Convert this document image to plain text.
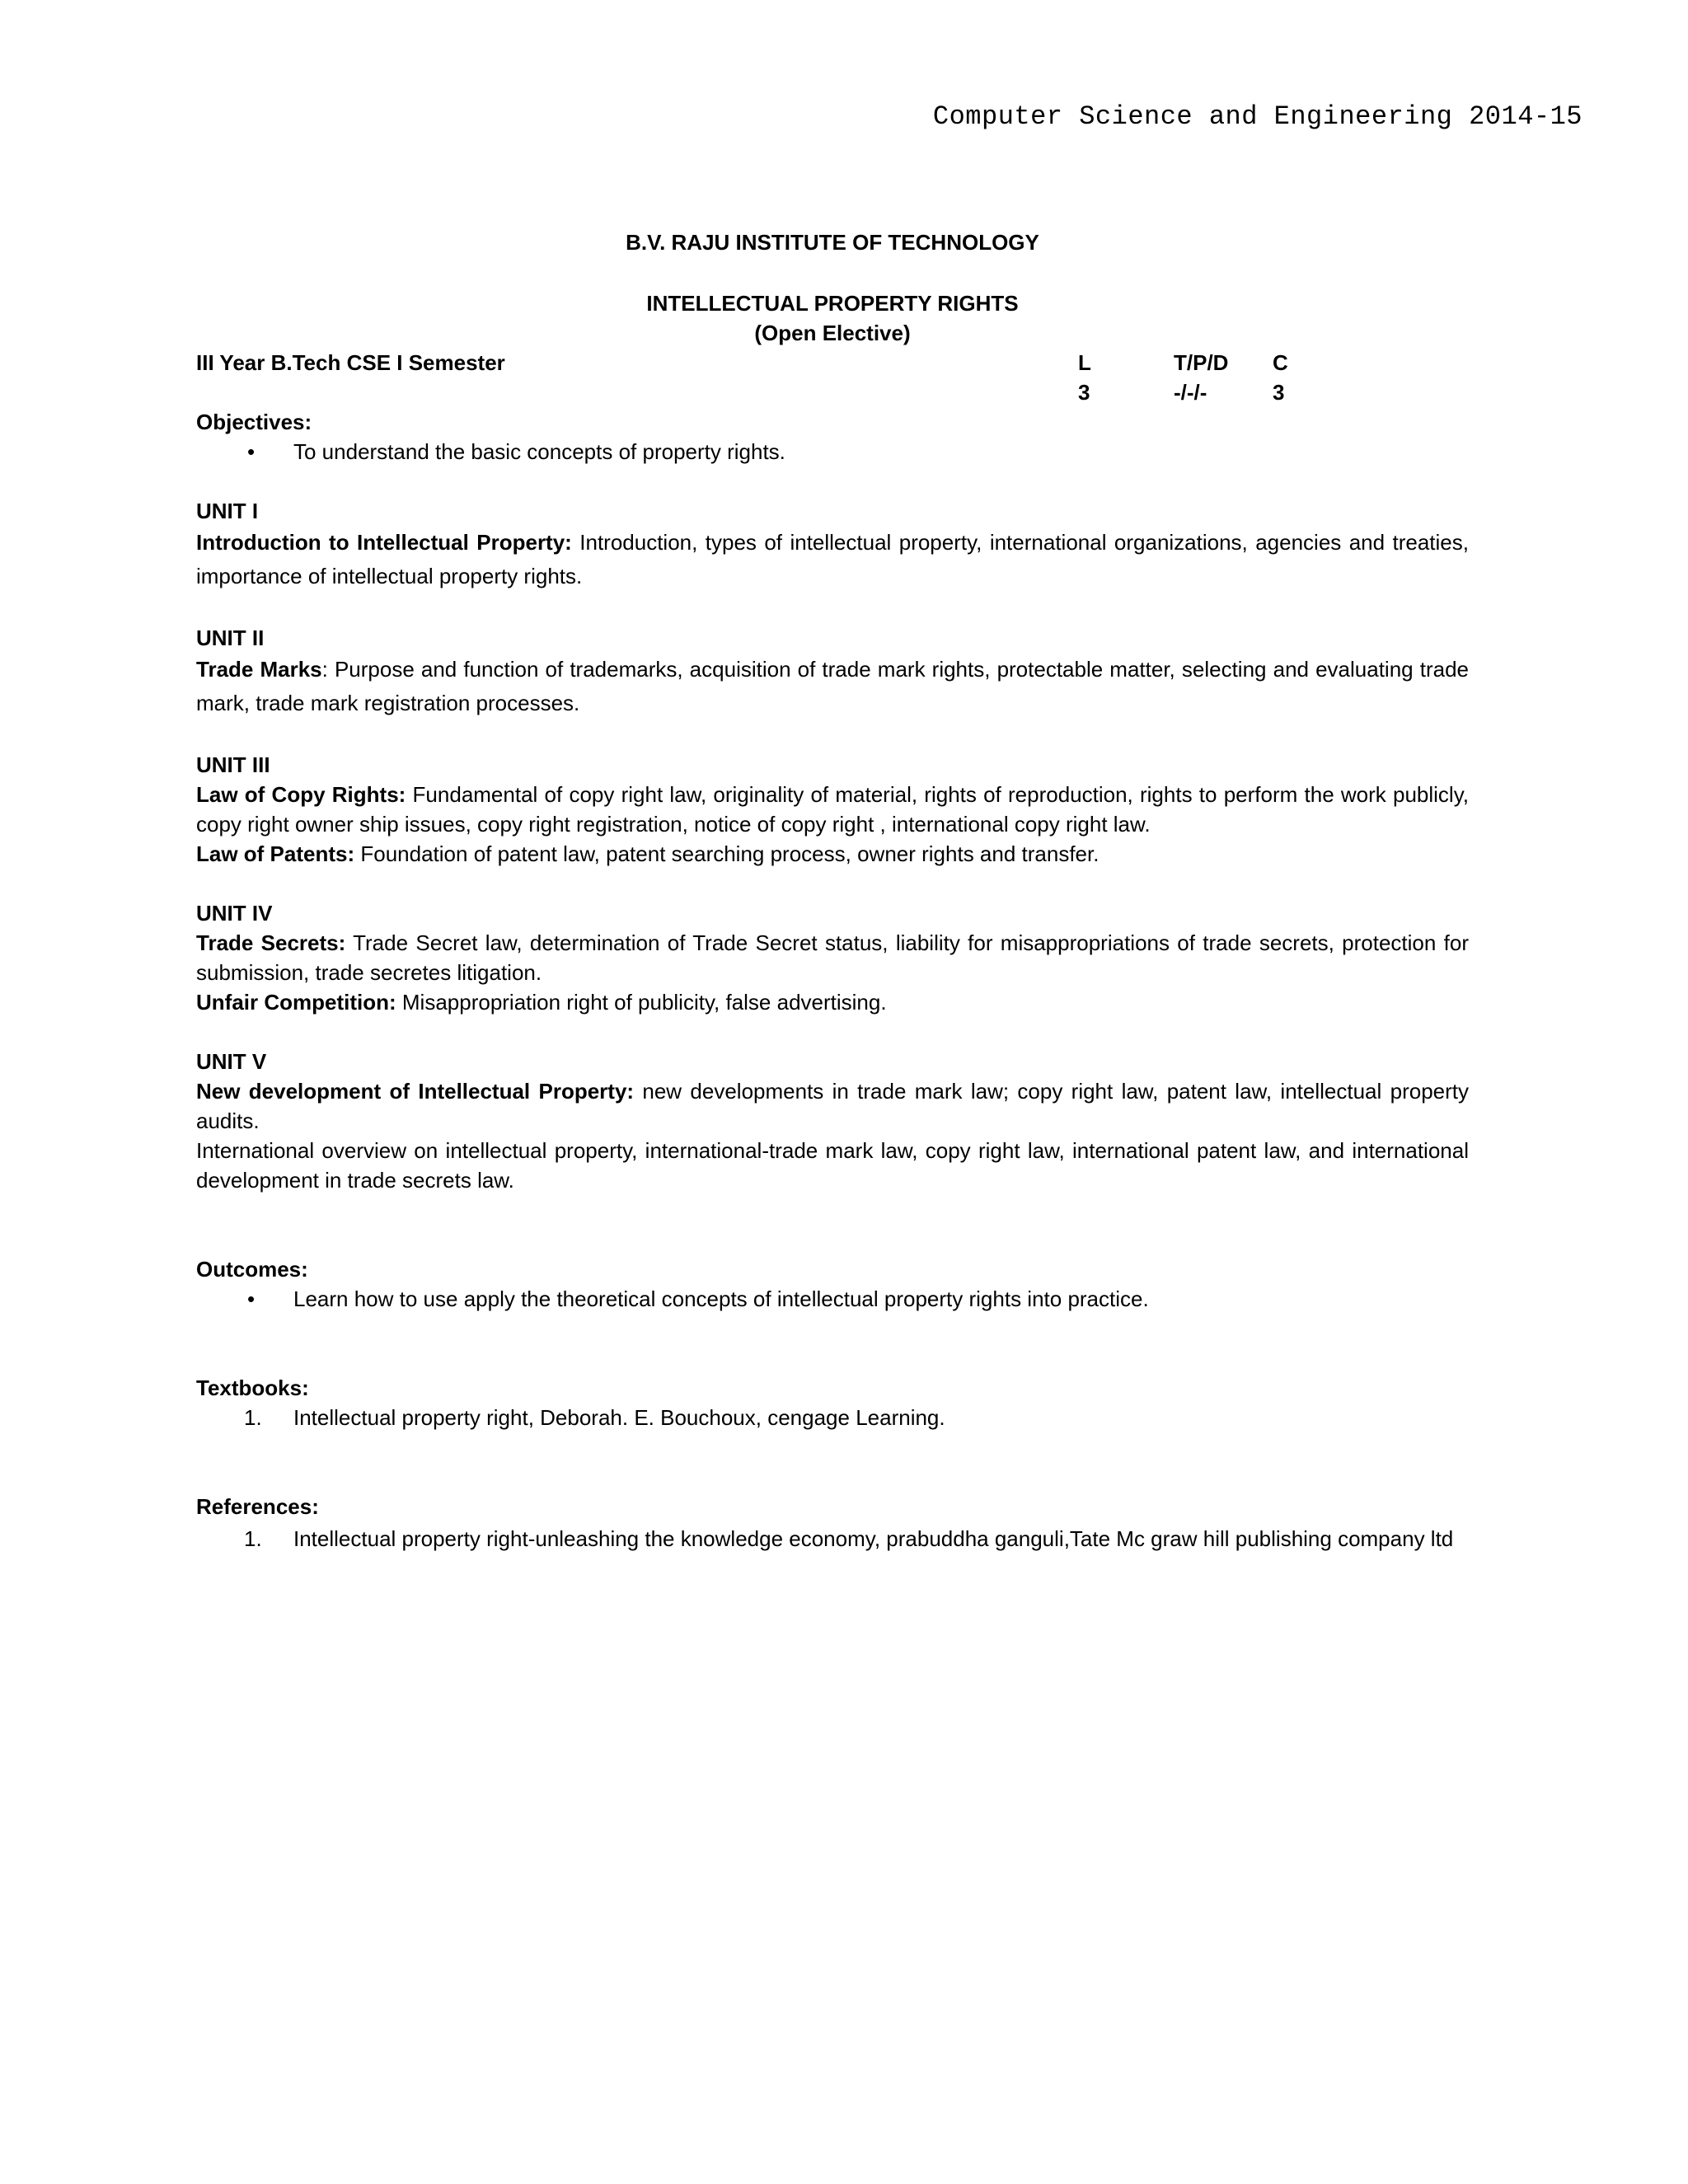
Computer Science and Engineering 2014-15
B.V. RAJU INSTITUTE OF TECHNOLOGY
INTELLECTUAL PROPERTY RIGHTS
(Open Elective)
III Year B.Tech CSE I Semester	L
3
T/P/D
-/-/-
C
3
Objectives:
• To understand the basic concepts of property rights.
UNIT I

Introduction to Intellectual Property: Introduction, types of intellectual property, international organizations, agencies and treaties, importance of intellectual property rights.

UNIT II

Trade Marks: Purpose and function of trademarks, acquisition of trade mark rights, protectable matter, selecting and evaluating trade mark, trade mark registration processes.

UNIT III

Law of Copy Rights: Fundamental of copy right law, originality of material, rights of reproduction, rights to perform the work publicly, copy right owner ship issues, copy right registration, notice of copy right , international copy right law.

Law of Patents: Foundation of patent law, patent searching process, owner rights and transfer.

UNIT IV

Trade Secrets: Trade Secret law, determination of Trade Secret status, liability for misappropriations of trade secrets, protection for submission, trade secretes litigation.

Unfair Competition: Misappropriation right of publicity, false advertising.

UNIT V

New development of Intellectual Property: new developments in trade mark law; copy right law, patent law, intellectual property audits.

International overview on intellectual property, international-trade mark law, copy right law, international patent law, and international development in trade secrets law.

Outcomes:
• Learn how to use apply the theoretical concepts of intellectual property rights into practice.
Textbooks:
1. Intellectual property right, Deborah. E. Bouchoux, cengage Learning.
References:
1. Intellectual property right-unleashing the knowledge economy, prabuddha ganguli,Tate Mc graw hill publishing company ltd
